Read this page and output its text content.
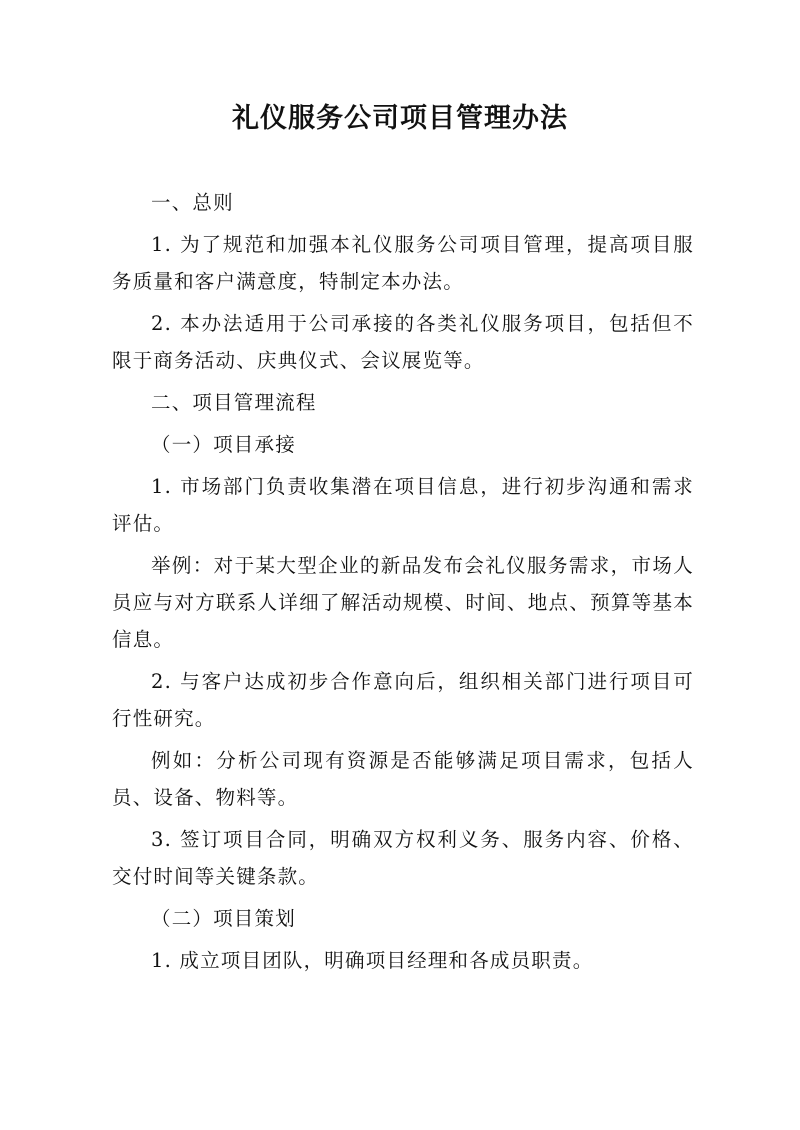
礼仪服务公司项目管理办法

一、总则

1. 为了规范和加强本礼仪服务公司项目管理，提高项目服务质量和客户满意度，特制定本办法。

2. 本办法适用于公司承接的各类礼仪服务项目，包括但不限于商务活动、庆典仪式、会议展览等。

二、项目管理流程

（一）项目承接

1. 市场部门负责收集潜在项目信息，进行初步沟通和需求评估。

举例：对于某大型企业的新品发布会礼仪服务需求，市场人员应与对方联系人详细了解活动规模、时间、地点、预算等基本信息。

2. 与客户达成初步合作意向后，组织相关部门进行项目可行性研究。

例如：分析公司现有资源是否能够满足项目需求，包括人员、设备、物料等。

3. 签订项目合同，明确双方权利义务、服务内容、价格、交付时间等关键条款。

（二）项目策划

1. 成立项目团队，明确项目经理和各成员职责。
